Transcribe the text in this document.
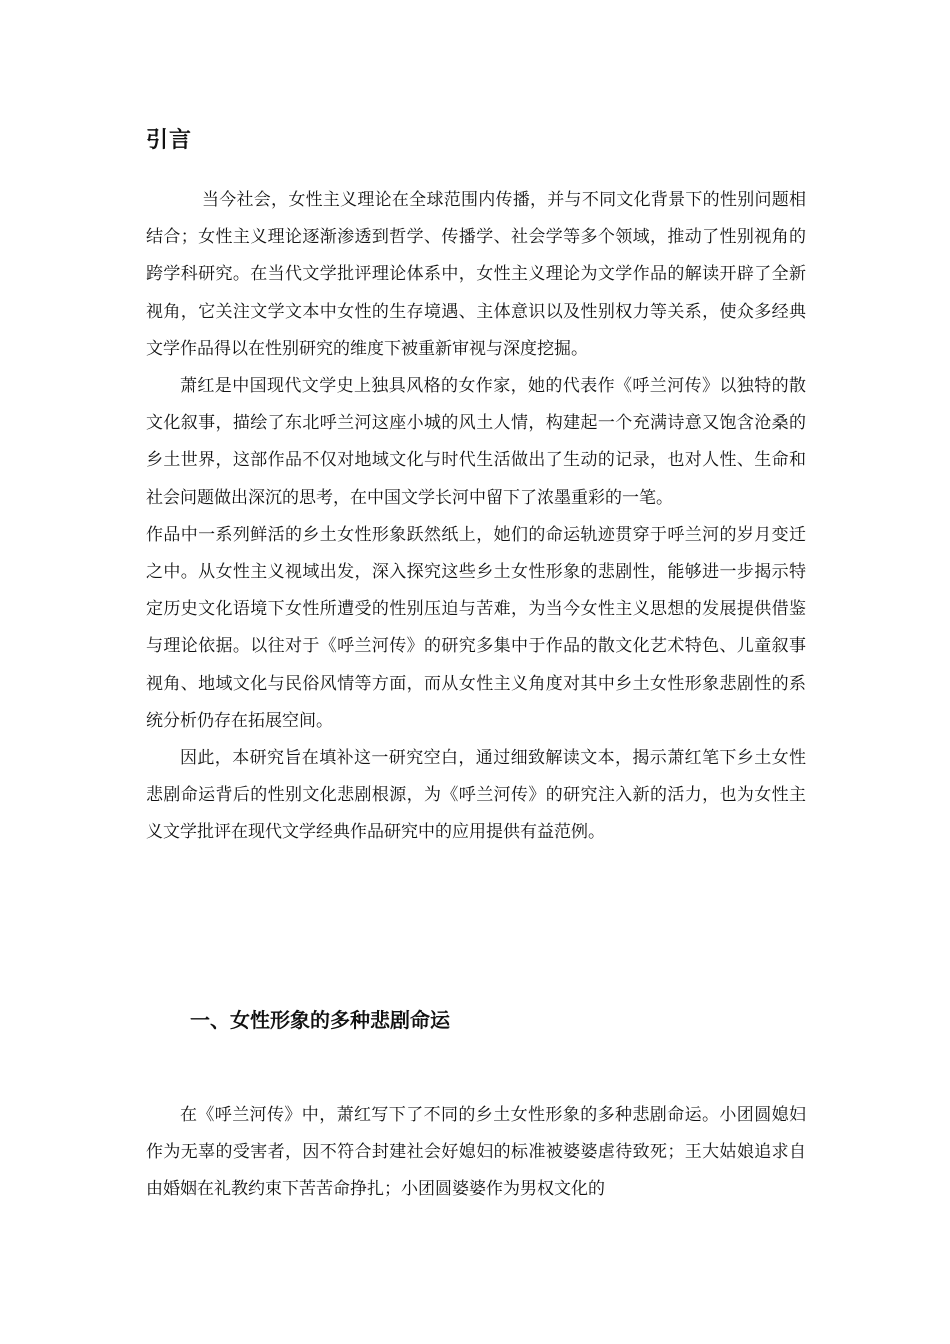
引言

当今社会，女性主义理论在全球范围内传播，并与不同文化背景下的性别问题相结合；女性主义理论逐渐渗透到哲学、传播学、社会学等多个领域，推动了性别视角的跨学科研究。在当代文学批评理论体系中，女性主义理论为文学作品的解读开辟了全新视角，它关注文学文本中女性的生存境遇、主体意识以及性别权力等关系，使众多经典文学作品得以在性别研究的维度下被重新审视与深度挖掘。

萧红是中国现代文学史上独具风格的女作家，她的代表作《呼兰河传》以独特的散文化叙事，描绘了东北呼兰河这座小城的风土人情，构建起一个充满诗意又饱含沧桑的乡土世界，这部作品不仅对地域文化与时代生活做出了生动的记录，也对人性、生命和社会问题做出深沉的思考，在中国文学长河中留下了浓墨重彩的一笔。

作品中一系列鲜活的乡土女性形象跃然纸上，她们的命运轨迹贯穿于呼兰河的岁月变迁之中。从女性主义视域出发，深入探究这些乡土女性形象的悲剧性，能够进一步揭示特定历史文化语境下女性所遭受的性别压迫与苦难，为当今女性主义思想的发展提供借鉴与理论依据。以往对于《呼兰河传》的研究多集中于作品的散文化艺术特色、儿童叙事视角、地域文化与民俗风情等方面，而从女性主义角度对其中乡土女性形象悲剧性的系统分析仍存在拓展空间。

因此，本研究旨在填补这一研究空白，通过细致解读文本，揭示萧红笔下乡土女性悲剧命运背后的性别文化悲剧根源，为《呼兰河传》的研究注入新的活力，也为女性主义文学批评在现代文学经典作品研究中的应用提供有益范例。

一、女性形象的多种悲剧命运

在《呼兰河传》中，萧红写下了不同的乡土女性形象的多种悲剧命运。小团圆媳妇作为无辜的受害者，因不符合封建社会好媳妇的标准被婆婆虐待致死；王大姑娘追求自由婚姻在礼教约束下苦苦命挣扎；小团圆婆婆作为男权文化的
